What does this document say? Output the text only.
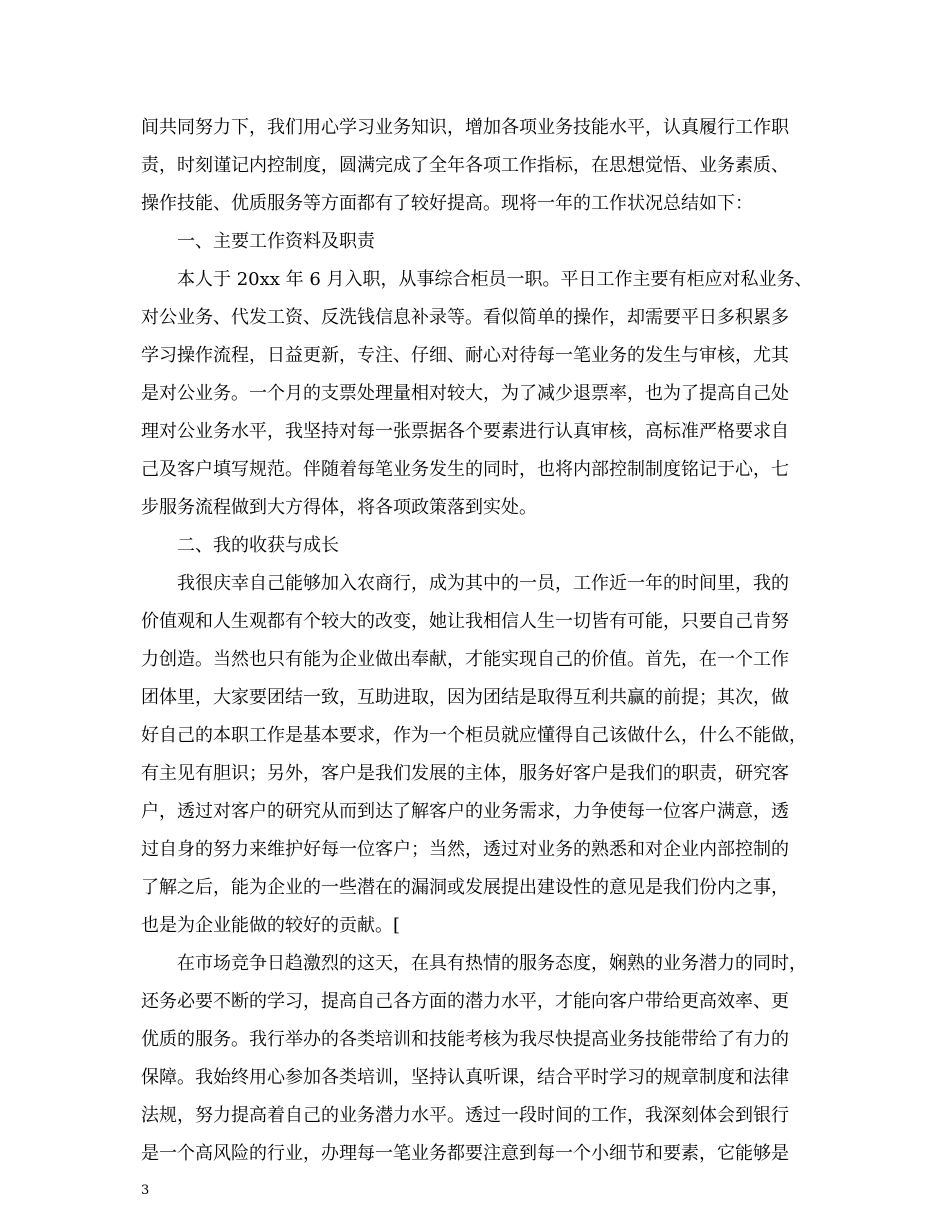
间共同努力下，我们用心学习业务知识，增加各项业务技能水平，认真履行工作职
责，时刻谨记内控制度，圆满完成了全年各项工作指标，在思想觉悟、业务素质、
操作技能、优质服务等方面都有了较好提高。现将一年的工作状况总结如下：
一、主要工作资料及职责
本人于 20xx 年 6 月入职，从事综合柜员一职。平日工作主要有柜应对私业务、
对公业务、代发工资、反洗钱信息补录等。看似简单的操作，却需要平日多积累多
学习操作流程，日益更新，专注、仔细、耐心对待每一笔业务的发生与审核，尤其
是对公业务。一个月的支票处理量相对较大，为了减少退票率，也为了提高自己处
理对公业务水平，我坚持对每一张票据各个要素进行认真审核，高标准严格要求自
己及客户填写规范。伴随着每笔业务发生的同时，也将内部控制制度铭记于心，七
步服务流程做到大方得体，将各项政策落到实处。
二、我的收获与成长
我很庆幸自己能够加入农商行，成为其中的一员，工作近一年的时间里，我的
价值观和人生观都有个较大的改变，她让我相信人生一切皆有可能，只要自己肯努
力创造。当然也只有能为企业做出奉献，才能实现自己的价值。首先，在一个工作
团体里，大家要团结一致，互助进取，因为团结是取得互利共赢的前提；其次，做
好自己的本职工作是基本要求，作为一个柜员就应懂得自己该做什么，什么不能做，
有主见有胆识；另外，客户是我们发展的主体，服务好客户是我们的职责，研究客
户，透过对客户的研究从而到达了解客户的业务需求，力争使每一位客户满意，透
过自身的努力来维护好每一位客户；当然，透过对业务的熟悉和对企业内部控制的
了解之后，能为企业的一些潜在的漏洞或发展提出建设性的意见是我们份内之事，
也是为企业能做的较好的贡献。[
在市场竞争日趋激烈的这天，在具有热情的服务态度，娴熟的业务潜力的同时，
还务必要不断的学习，提高自己各方面的潜力水平，才能向客户带给更高效率、更
优质的服务。我行举办的各类培训和技能考核为我尽快提高业务技能带给了有力的
保障。我始终用心参加各类培训，坚持认真听课，结合平时学习的规章制度和法律
法规，努力提高着自己的业务潜力水平。透过一段时间的工作，我深刻体会到银行
是一个高风险的行业，办理每一笔业务都要注意到每一个小细节和要素，它能够是
3
